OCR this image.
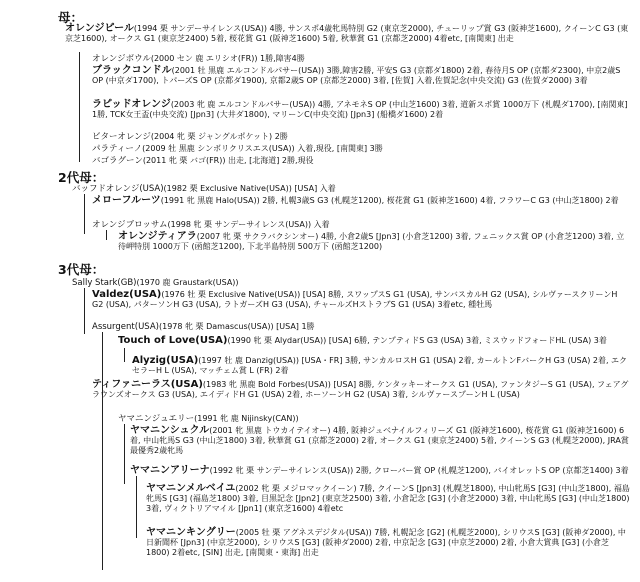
母：
オレンジピール(1994 栗 サンデーサイレンス(USA)) 4勝, サンスポ4歳牝馬特別 G2 (東京芝2000), チューリップ賞 G3 (阪神芝1600), クイーンC G3 (東京芝1600), オークス G1 (東京芝2400) 5着, 桜花賞 G1 (阪神芝1600) 5着, 秋華賞 G1 (京都芝2000) 4着etc, [南関東] 出走
オレンジボウル(2000 セン 鹿 エリシオ(FR)) 1勝,障害4勝
ブラックコンドル(2001 牡 黒鹿 エルコンドルパサー(USA)) 3勝,障害2勝, 平安S G3 (京都ダ1800) 2着, 春待月S OP (京都ダ2300), 中京2歳S OP (中京ダ1700), トパーズS OP (京都ダ1900), 京都2歳S OP (京都芝2000) 3着, [佐賀] 入着,佐賀記念(中央交流) G3 (佐賀ダ2000) 3着
ラピッドオレンジ(2003 牝 鹿 エルコンドルパサー(USA)) 4勝, アネモネS OP (中山芝1600) 3着, 道新スポ賞 1000万下 (札幌ダ1700), [南関東] 1勝, TCK女王盃(中央交流) [Jpn3] (大井ダ1800), マリーンC(中央交流) [Jpn3] (船橋ダ1600) 2着
ビターオレンジ(2004 牝 栗 ジャングルポケット) 2勝
パラティーノ(2009 牡 黒鹿 シンボリクリスエス(USA)) 入着,現役, [南関東] 3勝
バゴラグーン(2011 牝 栗 バゴ(FR)) 出走, [北海道] 2勝,現役
2代母：
バッフドオレンジ(USA)(1982 栗 Exclusive Native(USA)) [USA] 入着
メローフルーツ(1991 牝 黒鹿 Halo(USA)) 2勝, 札幌3歳S G3 (札幌芝1200), 桜花賞 G1 (阪神芝1600) 4着, フラワーC G3 (中山芝1800) 2着
オレンジブロッサム(1998 牝 栗 サンデーサイレンス(USA)) 入着
オレンジティアラ(2007 牝 栗 サクラバクシンオー) 4勝, 小倉2歳S [Jpn3] (小倉芝1200) 3着, フェニックス賞 OP (小倉芝1200) 3着, 立待岬特別 1000万下 (函館芝1200), 下北半島特別 500万下 (函館芝1200)
3代母：
Sally Stark(GB)(1970 鹿 Graustark(USA))
Valdez(USA)(1976 牡 栗 Exclusive Native(USA)) [USA] 8勝, スワップスS G1 (USA), サンバスカルH G2 (USA), シルヴァースクリーンH G2 (USA), パターソンH G3 (USA), ラトガーズH G3 (USA), チャールズHストラブS G1 (USA) 3着etc, 種牡馬
Assurgent(USA)(1978 牝 栗 Damascus(USA)) [USA] 1勝
Touch of Love(USA)(1990 牝 栗 Alydar(USA)) [USA] 6勝, テンプティドS G3 (USA) 3着, ミスウッドフォードHL (USA) 3着
Alyzig(USA)(1997 牡 鹿 Danzig(USA)) [USA・FR] 3勝, サンカルロスH G1 (USA) 2着, カールトンFバークH G3 (USA) 2着, エクセラーH L (USA), マッチェム賞 L (FR) 2着
ティファニーラス(USA)(1983 牝 黒鹿 Bold Forbes(USA)) [USA] 8勝, ケンタッキーオークス G1 (USA), ファンタジーS G1 (USA), フェアグラウンズオークス G3 (USA), エイディドH G1 (USA) 2着, ホーソーンH G2 (USA) 3着, シルヴァースプーンH L (USA)
ヤマニンジュエリー(1991 牝 鹿 Nijinsky(CAN))
ヤマニンシュクル(2001 牝 黒鹿 トウカイテイオー) 4勝, 阪神ジュベナイルフィリーズ G1 (阪神芝1600), 桜花賞 G1 (阪神芝1600) 6着, 中山牝馬S G3 (中山芝1800) 3着, 秋華賞 G1 (京都芝2000) 2着, オークス G1 (東京芝2400) 5着, クイーンS G3 (札幌芝2000), JRA賞最優秀2歳牝馬
ヤマニンアリーナ(1992 牝 栗 サンデーサイレンス(USA)) 2勝, クローバー賞 OP (札幌芝1200), バイオレットS OP (京都芝1400) 3着
ヤマニンメルベイユ(2002 牝 栗 メジロマックイーン) 7勝, クイーンS [Jpn3] (札幌芝1800), 中山牝馬S [G3] (中山芝1800), 福島牝馬S [G3] (福島芝1800) 3着, 目黒記念 [Jpn2] (東京芝2500) 3着, 小倉記念 [G3] (小倉芝2000) 3着, 中山牝馬S [G3] (中山芝1800) 3着, ヴィクトリアマイル [Jpn1] (東京芝1600) 4着etc
ヤマニンキングリー(2005 牡 栗 アグネスデジタル(USA)) 7勝, 札幌記念 [G2] (札幌芝2000), シリウスS [G3] (阪神ダ2000), 中日新聞杯 [Jpn3] (中京芝2000), シリウスS [G3] (阪神ダ2000) 2着, 中京記念 [G3] (中京芝2000) 2着, 小倉大賞典 [G3] (小倉芝1800) 2着etc, [SIN] 出走, [南関東・東海] 出走
